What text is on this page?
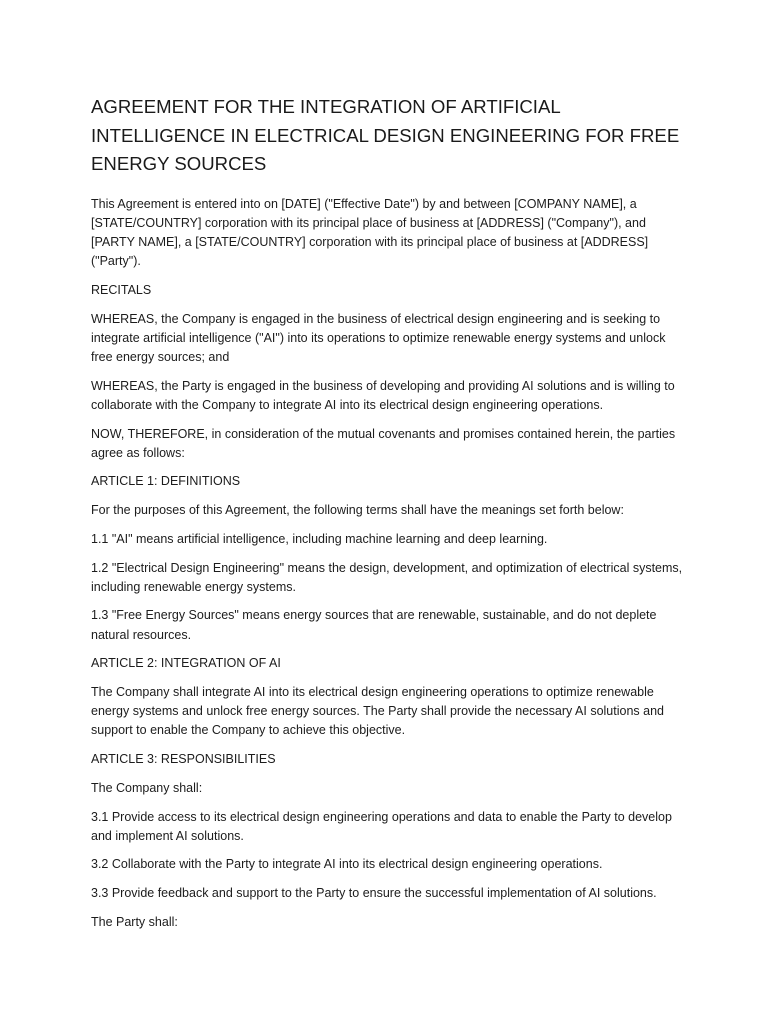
AGREEMENT FOR THE INTEGRATION OF ARTIFICIAL INTELLIGENCE IN ELECTRICAL DESIGN ENGINEERING FOR FREE ENERGY SOURCES

This Agreement is entered into on [DATE] ("Effective Date") by and between [COMPANY NAME], a [STATE/COUNTRY] corporation with its principal place of business at [ADDRESS] ("Company"), and [PARTY NAME], a [STATE/COUNTRY] corporation with its principal place of business at [ADDRESS] ("Party").

RECITALS

WHEREAS, the Company is engaged in the business of electrical design engineering and is seeking to integrate artificial intelligence ("AI") into its operations to optimize renewable energy systems and unlock free energy sources; and

WHEREAS, the Party is engaged in the business of developing and providing AI solutions and is willing to collaborate with the Company to integrate AI into its electrical design engineering operations.

NOW, THEREFORE, in consideration of the mutual covenants and promises contained herein, the parties agree as follows:

ARTICLE 1: DEFINITIONS

For the purposes of this Agreement, the following terms shall have the meanings set forth below:

1.1 "AI" means artificial intelligence, including machine learning and deep learning.

1.2 "Electrical Design Engineering" means the design, development, and optimization of electrical systems, including renewable energy systems.

1.3 "Free Energy Sources" means energy sources that are renewable, sustainable, and do not deplete natural resources.

ARTICLE 2: INTEGRATION OF AI

The Company shall integrate AI into its electrical design engineering operations to optimize renewable energy systems and unlock free energy sources. The Party shall provide the necessary AI solutions and support to enable the Company to achieve this objective.

ARTICLE 3: RESPONSIBILITIES

The Company shall:

3.1 Provide access to its electrical design engineering operations and data to enable the Party to develop and implement AI solutions.

3.2 Collaborate with the Party to integrate AI into its electrical design engineering operations.

3.3 Provide feedback and support to the Party to ensure the successful implementation of AI solutions.

The Party shall:
